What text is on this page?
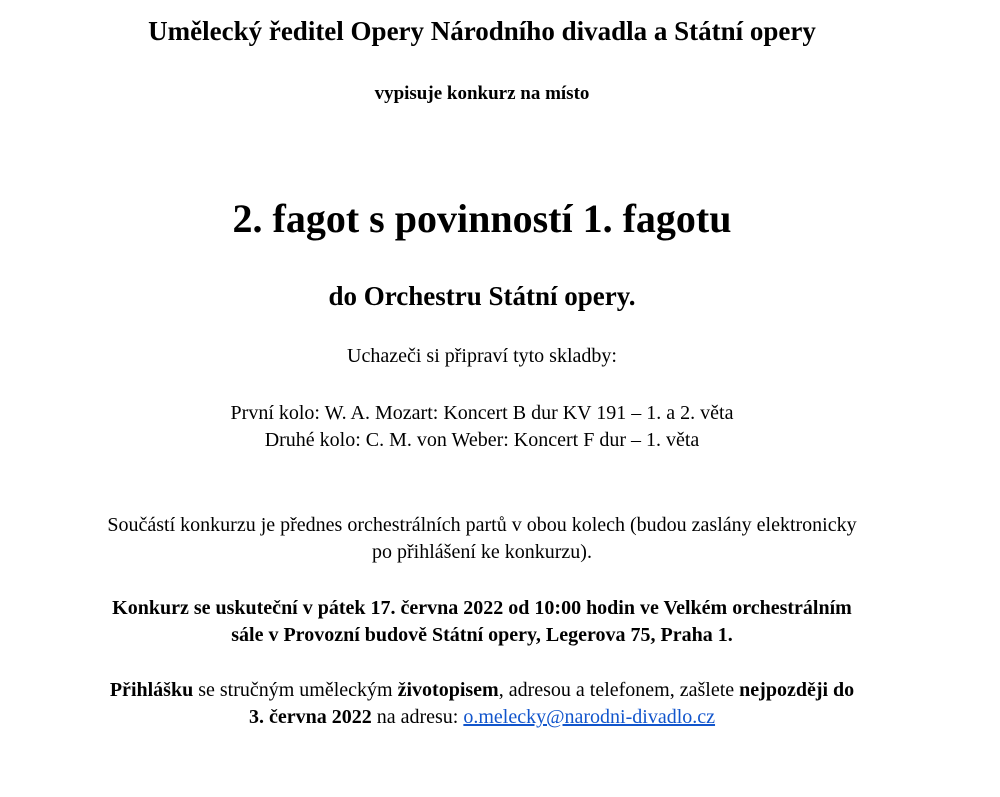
Umělecký ředitel Opery Národního divadla a Státní opery
vypisuje konkurz na místo
2. fagot s povinností 1. fagotu
do Orchestru Státní opery.
Uchazeči si připraví tyto skladby:
První kolo: W. A. Mozart: Koncert B dur KV 191 – 1. a 2. věta
Druhé kolo: C. M. von Weber: Koncert F dur – 1. věta
Součástí konkurzu je přednes orchestrálních partů v obou kolech (budou zaslány elektronicky
po přihlášení ke konkurzu).
Konkurz se uskuteční v pátek 17. června 2022 od 10:00 hodin ve Velkém orchestrálním
sále v Provozní budově Státní opery, Legerova 75, Praha 1.
Přihlášku se stručným uměleckým životopisem, adresou a telefonem, zašlete nejpozději do
3. června 2022 na adresu: o.melecky@narodni-divadlo.cz
